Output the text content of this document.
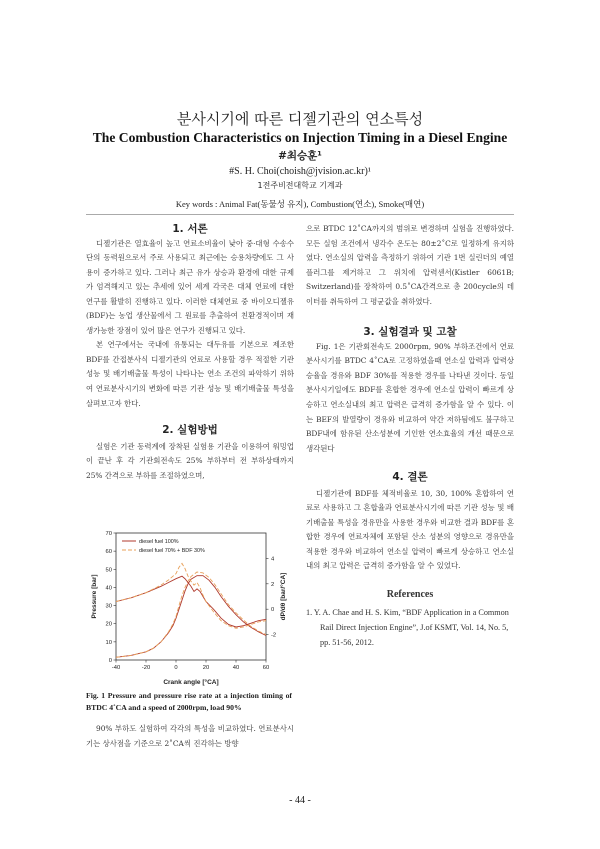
분사시기에 따른 디젤기관의 연소특성
The Combustion Characteristics on Injection Timing in a Diesel Engine
#최승훈¹
#S. H. Choi(choish@jvision.ac.kr)¹
1전주비전대학교 기계과
Key words : Animal Fat(동물성 유지), Combustion(연소), Smoke(매연)
1. 서론

디젤기관은 열효율이 높고 연료소비율이 낮아 중·대형 수송수단의 동력원으로서 주로 사용되고 최근에는 승용차량에도 그 사용이 증가하고 있다. 그러나 최근 유가 상승과 환경에 대한 규제가 엄격해지고 있는 추세에 있어 세계 각국은 대체 연료에 대한 연구를 활발히 진행하고 있다. 이러한 대체연료 중 바이오디젤유(BDF)는 농업 생산물에서 그 원료를 추출하여 친환경적이며 재생가능한 장점이 있어 많은 연구가 진행되고 있다.

본 연구에서는 국내에 유통되는 대두유를 기본으로 제조한 BDF를 간접분사식 디젤기관의 연료로 사용할 경우 적절한 기관 성능 및 배기배출물 특성이 나타나는 연소 조건의 파악하기 위하여 연료분사시기의 변화에 따른 기관 성능 및 배기배출물 특성을 살펴보고자 한다.

2. 실험방법

실험은 기관 동력계에 장착된 실험용 기관을 이용하여 워밍업이 끝난 후 각 기관회전속도 25% 부하부터 전 부하상태까지 25% 간격으로 부하를 조절하였으며,

-40	-20	0	20	40	60
0
10
20
30
40
50
60
70
-2
0
2
4
Crank angle [°CA]
Pressure [bar]	dP/dθ [bar/°CA]
diesel fuel 100%
diesel fuel 70% + BDF 30%
Fig. 1 Pressure and pressure rise rate at a injection timing of BTDC 4˚CA and a speed of 2000rpm, load 90%

90% 부하도 실험하여 각각의 특성을 비교하였다. 연료분사시기는 상사점을 기준으로 2˚CA씩 진각하는 방향

으로 BTDC 12˚CA까지의 범위로 변경하며 실험을 진행하였다. 모든 실험 조건에서 냉각수 온도는 80±2˚C로 일정하게 유지하였다. 연소실의 압력을 측정하기 위하여 기관 1번 실린더의 예열플러그를 제거하고 그 위치에 압력센서(Kistler 6061B; Switzerland)를 장착하여 0.5˚CA간격으로 총 200cycle의 데이터를 취득하여 그 평균값을 취하였다.

3. 실험결과 및 고찰

Fig. 1은 기관회전속도 2000rpm, 90% 부하조건에서 연료분사시기를 BTDC 4˚CA로 고정하였을때 연소실 압력과 압력상승율을 경유와 BDF 30%를 적용한 경우를 나타낸 것이다. 동일 분사시기일에도 BDF를 혼합한 경우에 연소실 압력이 빠르게 상승하고 연소실내의 최고 압력은 급격히 증가함을 알 수 있다. 이는 BEF의 발열량이 경유와 비교하여 약간 저하됨에도 불구하고 BDF내에 함유된 산소성분에 기인한 연소효율의 개선 때문으로 생각된다

4. 결론

디젤기관에 BDF를 체적비율로 10, 30, 100% 혼합하여 연료로 사용하고 그 혼합율과 연료분사시기에 따른 기관 성능 및 배기배출물 특성을 경유만을 사용한 경우와 비교한 결과 BDF를 혼합한 경우에 연료자체에 포함된 산소 성분의 영향으로 경유만을 적용한 경우와 비교하여 연소실 압력이 빠르게 상승하고 연소실내의 최고 압력은 급격히 증가함을 알 수 있었다.

References
1. Y. A. Chae and H. S. Kim, “BDF Application in a Common Rail Direct Injection Engine”, J.of KSMT, Vol. 14, No. 5, pp. 51-56, 2012.
- 44 -
